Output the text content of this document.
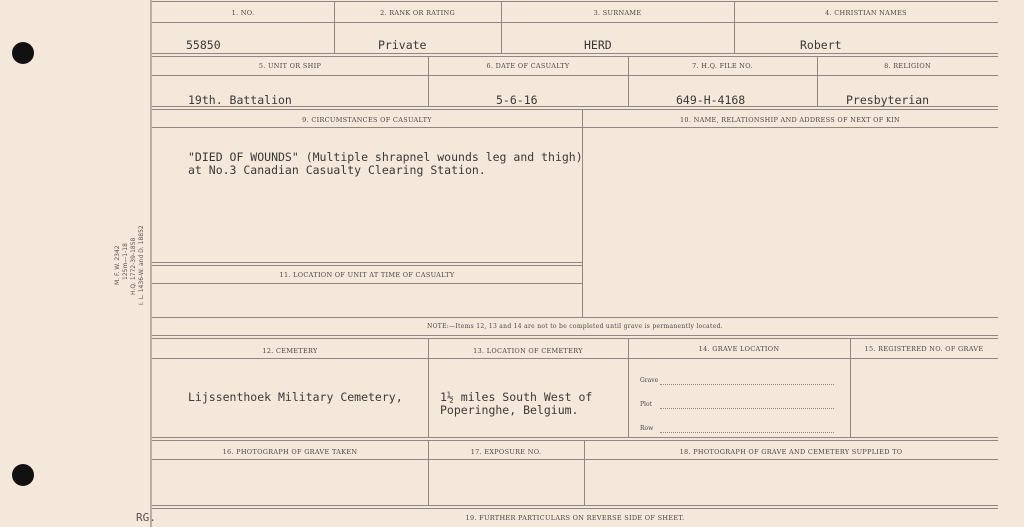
M. F. W. 2342 125m—1-18 H.Q. 1772-39-1858 I. L. 1436-W. and D. 18852
RG.
1. NO.	2. RANK OR RATING	3. SURNAME	4. CHRISTIAN NAMES
55850	Private	HERD	Robert
5. UNIT OR SHIP	6. DATE OF CASUALTY	7. H.Q. FILE NO.	8. RELIGION
19th. Battalion	5-6-16	649-H-4168	Presbyterian
9. CIRCUMSTANCES OF CASUALTY	10. NAME, RELATIONSHIP AND ADDRESS OF NEXT OF KIN
"DIED OF WOUNDS" (Multiple shrapnel wounds leg and thigh)
at No.3 Canadian Casualty Clearing Station.
11. LOCATION OF UNIT AT TIME OF CASUALTY
NOTE:—Items 12, 13 and 14 are not to be completed until grave is permanently located.
12. CEMETERY	13. LOCATION OF CEMETERY	14. GRAVE LOCATION	15. REGISTERED NO. OF GRAVE
Lijssenthoek Military Cemetery,	1½ miles South West of
Poperinghe, Belgium.
Grave
Plot
Row
16. PHOTOGRAPH OF GRAVE TAKEN	17. EXPOSURE NO.	18. PHOTOGRAPH OF GRAVE AND CEMETERY SUPPLIED TO
19. FURTHER PARTICULARS ON REVERSE SIDE OF SHEET.
